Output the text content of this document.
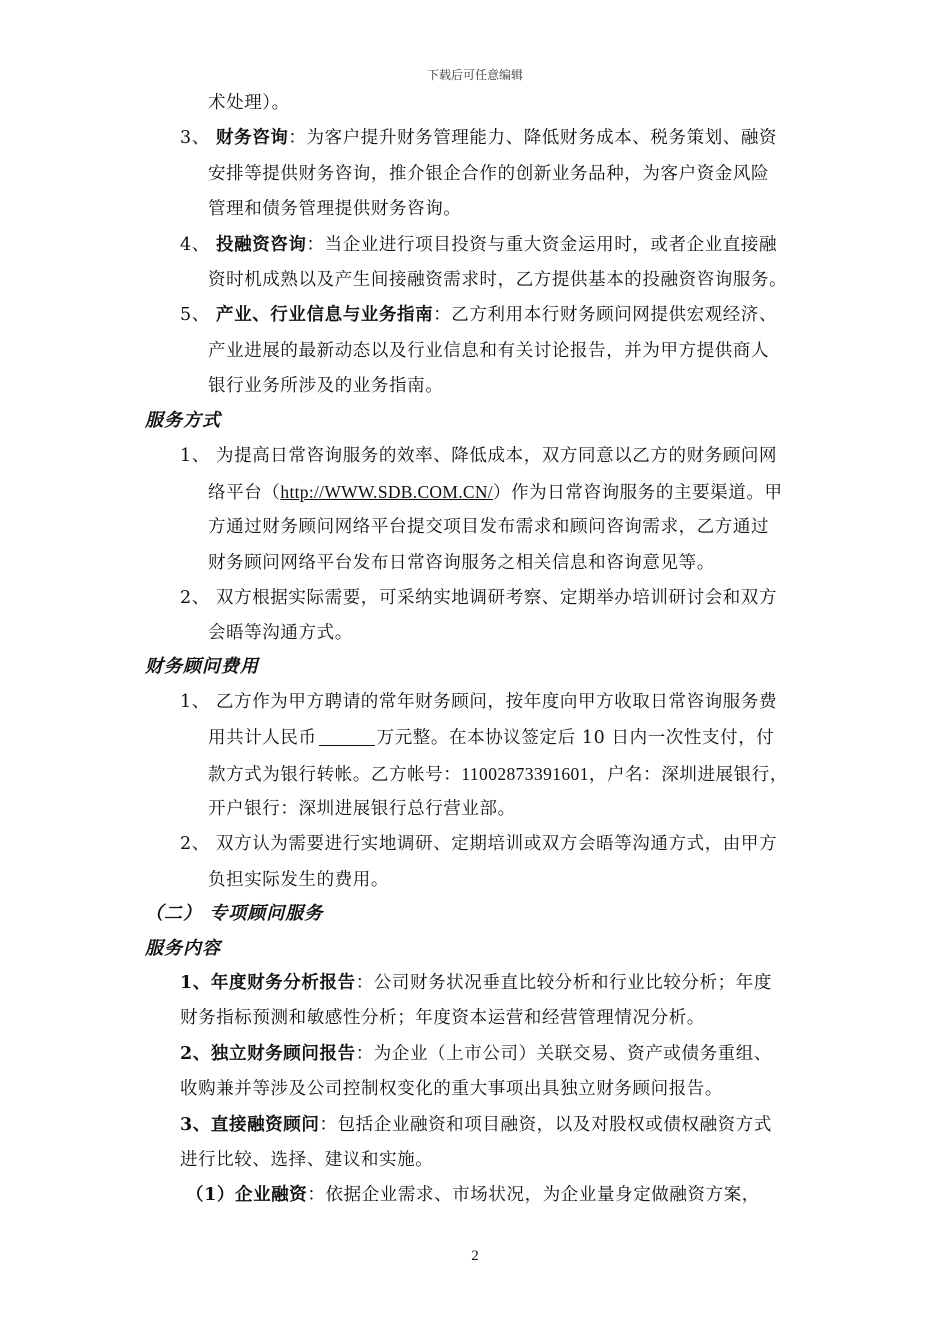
下载后可任意编辑
术处理）。
3、 财务咨询：为客户提升财务管理能力、降低财务成本、税务策划、融资
安排等提供财务咨询，推介银企合作的创新业务品种，为客户资金风险
管理和债务管理提供财务咨询。
4、 投融资咨询：当企业进行项目投资与重大资金运用时，或者企业直接融
资时机成熟以及产生间接融资需求时，乙方提供基本的投融资咨询服务。
5、 产业、行业信息与业务指南：乙方利用本行财务顾问网提供宏观经济、
产业进展的最新动态以及行业信息和有关讨论报告，并为甲方提供商人
银行业务所涉及的业务指南。
服务方式
1、 为提高日常咨询服务的效率、降低成本，双方同意以乙方的财务顾问网
络平台（http://WWW.SDB.COM.CN/）作为日常咨询服务的主要渠道。甲
方通过财务顾问网络平台提交项目发布需求和顾问咨询需求，乙方通过
财务顾问网络平台发布日常咨询服务之相关信息和咨询意见等。
2、 双方根据实际需要，可采纳实地调研考察、定期举办培训研讨会和双方
会晤等沟通方式。
财务顾问费用
1、 乙方作为甲方聘请的常年财务顾问，按年度向甲方收取日常咨询服务费
用共计人民币	万元整。在本协议签定后 10 日内一次性支付，付
款方式为银行转帐。乙方帐号：11002873391601，户名：深圳进展银行，
开户银行：深圳进展银行总行营业部。
2、 双方认为需要进行实地调研、定期培训或双方会晤等沟通方式，由甲方
负担实际发生的费用。
（二） 专项顾问服务
服务内容
1、年度财务分析报告：公司财务状况垂直比较分析和行业比较分析；年度
财务指标预测和敏感性分析；年度资本运营和经营管理情况分析。
2、独立财务顾问报告：为企业（上市公司）关联交易、资产或债务重组、
收购兼并等涉及公司控制权变化的重大事项出具独立财务顾问报告。
3、直接融资顾问：包括企业融资和项目融资，以及对股权或债权融资方式
进行比较、选择、建议和实施。
（1）企业融资：依据企业需求、市场状况，为企业量身定做融资方案，
2
